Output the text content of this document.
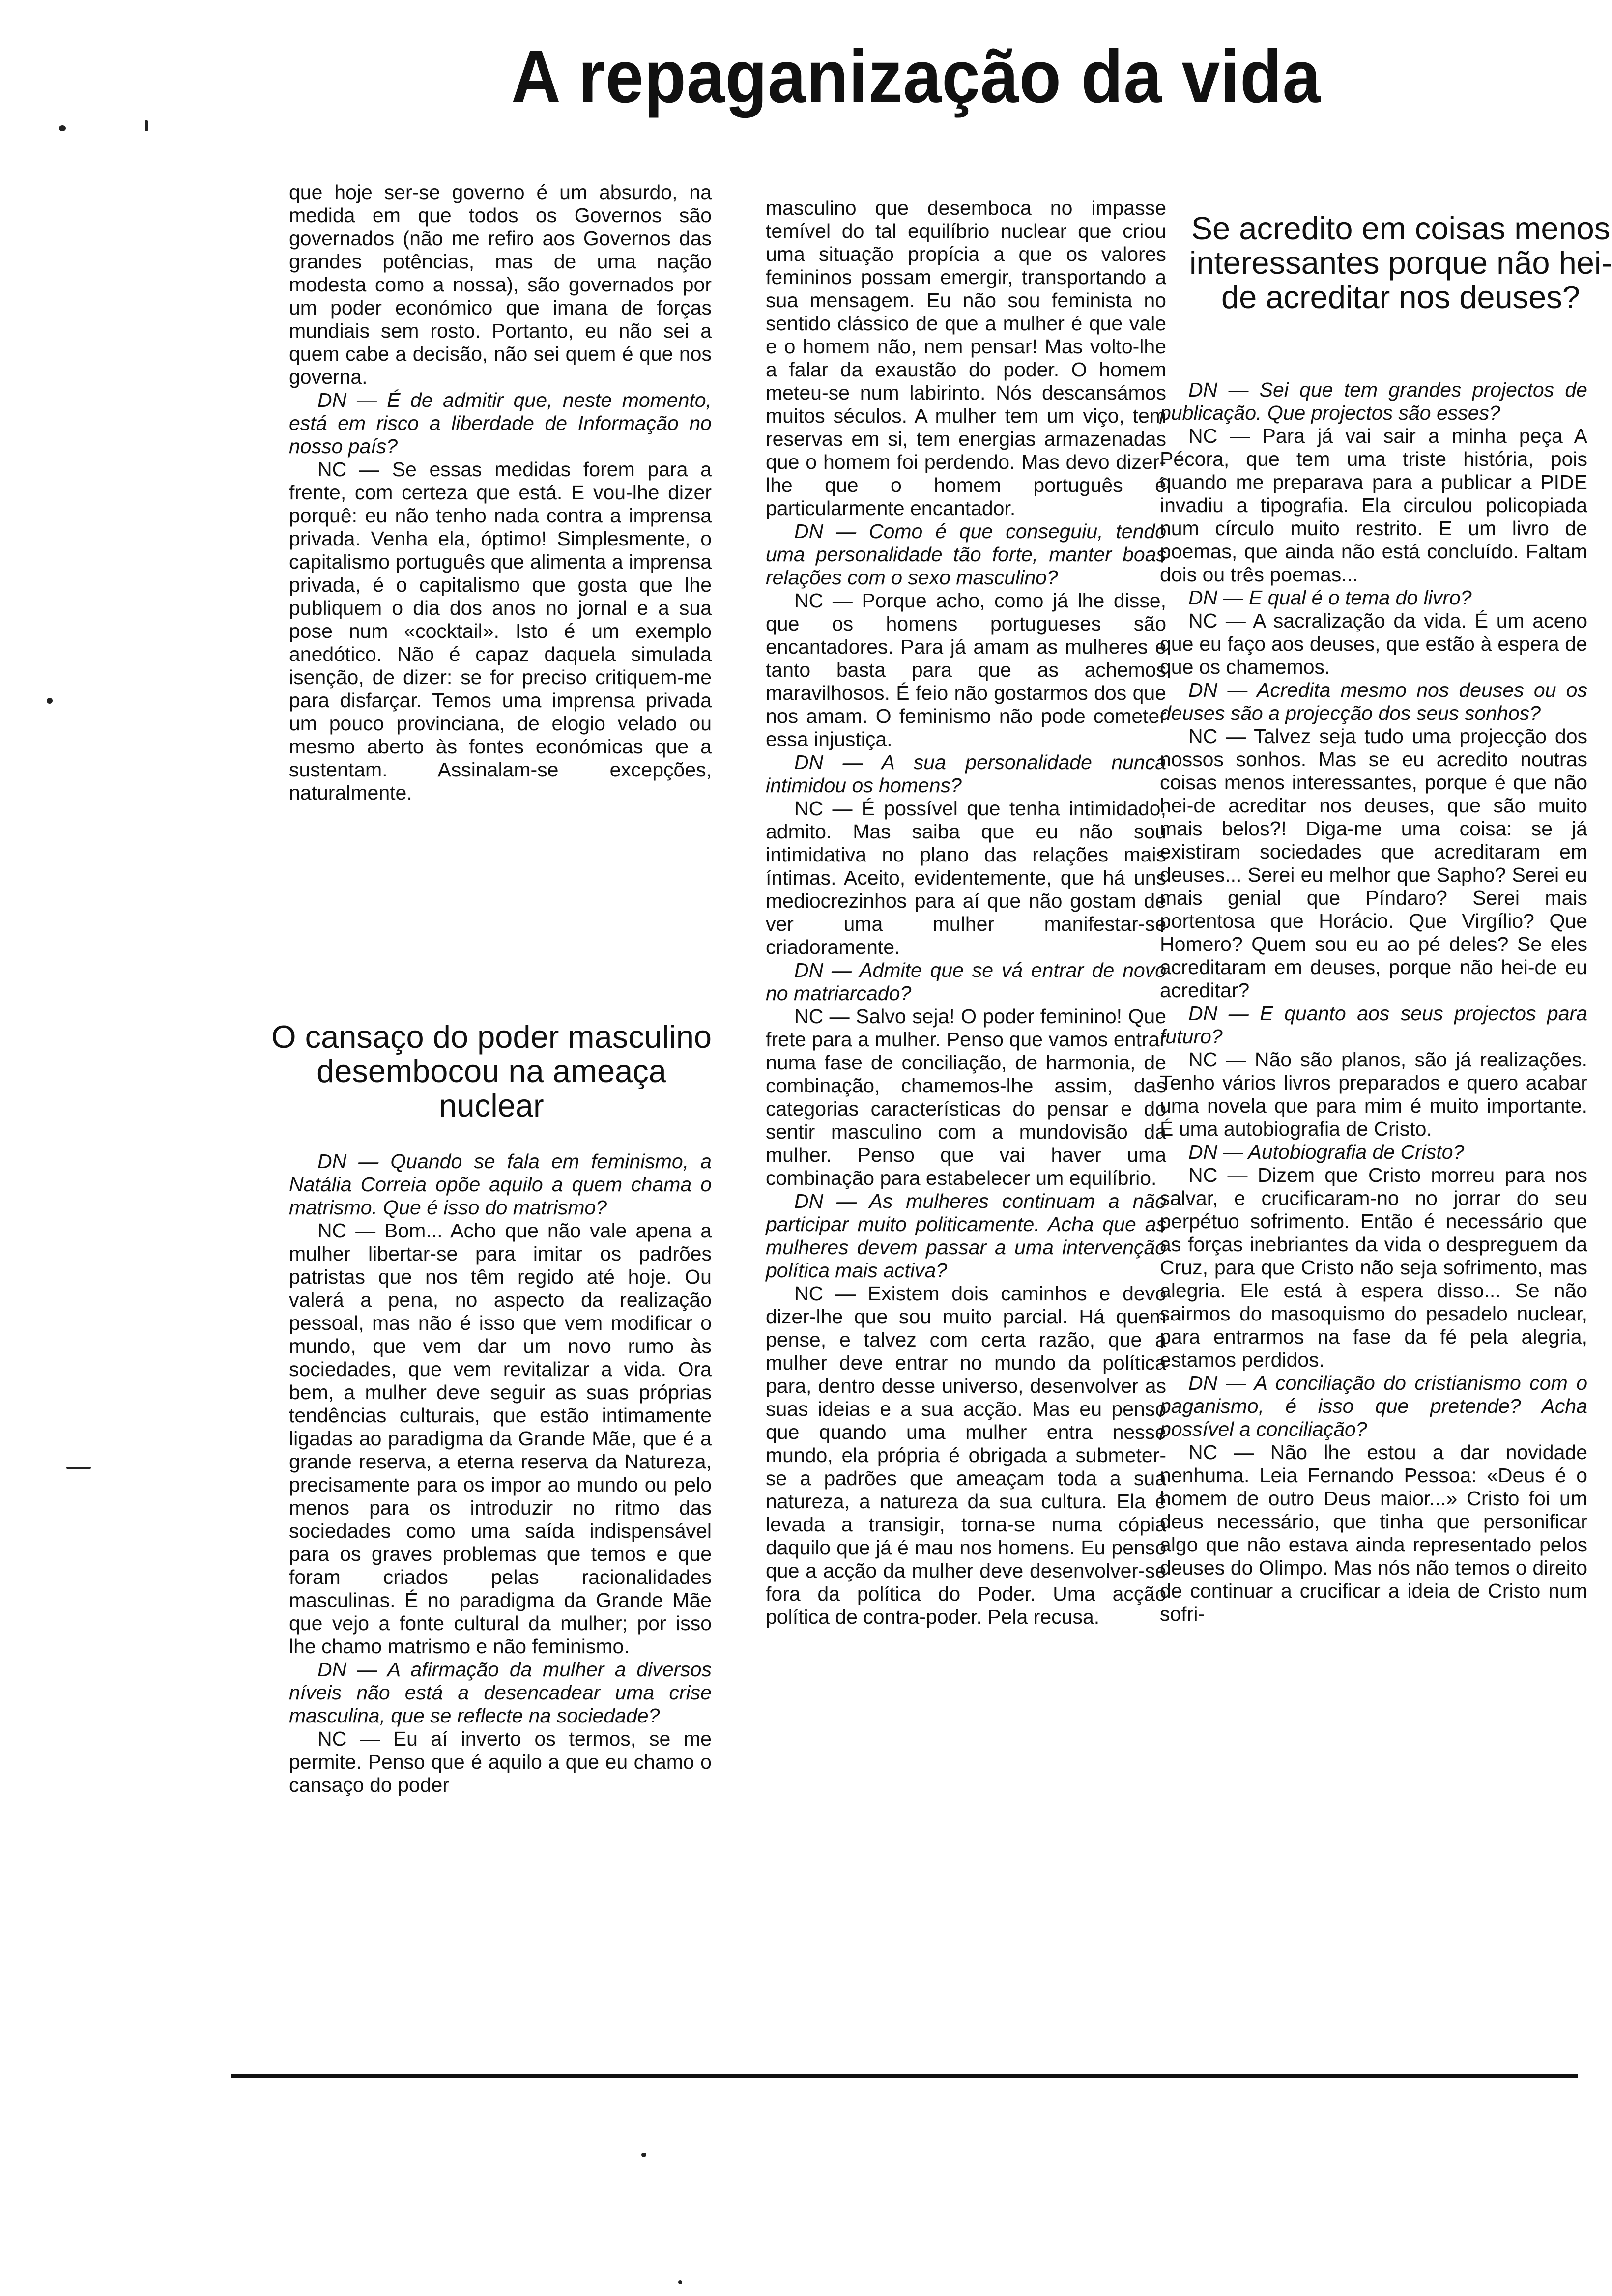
A repaganização da vida

que hoje ser-se governo é um absurdo, na medida em que todos os Governos são governados (não me refiro aos Governos das grandes potências, mas de uma nação modesta como a nossa), são governados por um poder económico que imana de forças mundiais sem rosto. Portanto, eu não sei a quem cabe a decisão, não sei quem é que nos governa.

DN — É de admitir que, neste momento, está em risco a liberdade de Informação no nosso país?

NC — Se essas medidas forem para a frente, com certeza que está. E vou-lhe dizer porquê: eu não tenho nada contra a imprensa privada. Venha ela, óptimo! Simplesmente, o capitalismo português que alimenta a imprensa privada, é o capitalismo que gosta que lhe publiquem o dia dos anos no jornal e a sua pose num «cocktail». Isto é um exemplo anedótico. Não é capaz daquela simulada isenção, de dizer: se for preciso critiquem-me para disfarçar. Temos uma imprensa privada um pouco provinciana, de elogio velado ou mesmo aberto às fontes económicas que a sustentam. Assinalam-se excepções, naturalmente.

O cansaço do poder masculino desembocou na ameaça nuclear

DN — Quando se fala em feminismo, a Natália Correia opõe aquilo a quem chama o matrismo. Que é isso do matrismo?

NC — Bom... Acho que não vale apena a mulher libertar-se para imitar os padrões patristas que nos têm regido até hoje. Ou valerá a pena, no aspecto da realização pessoal, mas não é isso que vem modificar o mundo, que vem dar um novo rumo às sociedades, que vem revitalizar a vida. Ora bem, a mulher deve seguir as suas próprias tendências culturais, que estão intimamente ligadas ao paradigma da Grande Mãe, que é a grande reserva, a eterna reserva da Natureza, precisamente para os impor ao mundo ou pelo menos para os introduzir no ritmo das sociedades como uma saída indispensável para os graves problemas que temos e que foram criados pelas racionalidades masculinas. É no paradigma da Grande Mãe que vejo a fonte cultural da mulher; por isso lhe chamo matrismo e não feminismo.

DN — A afirmação da mulher a diversos níveis não está a desencadear uma crise masculina, que se reflecte na sociedade?

NC — Eu aí inverto os termos, se me permite. Penso que é aquilo a que eu chamo o cansaço do poder

masculino que desemboca no impasse temível do tal equilíbrio nuclear que criou uma situação propícia a que os valores femininos possam emergir, transportando a sua mensagem. Eu não sou feminista no sentido clássico de que a mulher é que vale e o homem não, nem pensar! Mas volto-lhe a falar da exaustão do poder. O homem meteu-se num labirinto. Nós descansámos muitos séculos. A mulher tem um viço, tem reservas em si, tem energias armazenadas que o homem foi perdendo. Mas devo dizer-lhe que o homem português é particularmente encantador.

DN — Como é que conseguiu, tendo uma personalidade tão forte, manter boas relações com o sexo masculino?

NC — Porque acho, como já lhe disse, que os homens portugueses são encantadores. Para já amam as mulheres e tanto basta para que as achemos maravilhosos. É feio não gostarmos dos que nos amam. O feminismo não pode cometer essa injustiça.

DN — A sua personalidade nunca intimidou os homens?

NC — É possível que tenha intimidado, admito. Mas saiba que eu não sou intimidativa no plano das relações mais íntimas. Aceito, evidentemente, que há uns mediocrezinhos para aí que não gostam de ver uma mulher manifestar-se criadoramente.

DN — Admite que se vá entrar de novo no matriarcado?

NC — Salvo seja! O poder feminino! Que frete para a mulher. Penso que vamos entrar numa fase de conciliação, de harmonia, de combinação, chamemos-lhe assim, das categorias características do pensar e do sentir masculino com a mundovisão da mulher. Penso que vai haver uma combinação para estabelecer um equilíbrio.

DN — As mulheres continuam a não participar muito politicamente. Acha que as mulheres devem passar a uma intervenção política mais activa?

NC — Existem dois caminhos e devo dizer-lhe que sou muito parcial. Há quem pense, e talvez com certa razão, que a mulher deve entrar no mundo da política para, dentro desse universo, desenvolver as suas ideias e a sua acção. Mas eu penso que quando uma mulher entra nesse mundo, ela própria é obrigada a submeter-se a padrões que ameaçam toda a sua natureza, a natureza da sua cultura. Ela é levada a transigir, torna-se numa cópia daquilo que já é mau nos homens. Eu penso que a acção da mulher deve desenvolver-se fora da política do Poder. Uma acção política de contra-poder. Pela recusa.

Se acredito em coisas menos interessantes porque não hei-de acreditar nos deuses?

DN — Sei que tem grandes projectos de publicação. Que projectos são esses?

NC — Para já vai sair a minha peça A Pécora, que tem uma triste história, pois quando me preparava para a publicar a PIDE invadiu a tipografia. Ela circulou policopiada num círculo muito restrito. E um livro de poemas, que ainda não está concluído. Faltam dois ou três poemas...

DN — E qual é o tema do livro?

NC — A sacralização da vida. É um aceno que eu faço aos deuses, que estão à espera de que os chamemos.

DN — Acredita mesmo nos deuses ou os deuses são a projecção dos seus sonhos?

NC — Talvez seja tudo uma projecção dos nossos sonhos. Mas se eu acredito noutras coisas menos interessantes, porque é que não hei-de acreditar nos deuses, que são muito mais belos?! Diga-me uma coisa: se já existiram sociedades que acreditaram em deuses... Serei eu melhor que Sapho? Serei eu mais genial que Píndaro? Serei mais portentosa que Horácio. Que Virgílio? Que Homero? Quem sou eu ao pé deles? Se eles acreditaram em deuses, porque não hei-de eu acreditar?

DN — E quanto aos seus projectos para futuro?

NC — Não são planos, são já realizações. Tenho vários livros preparados e quero acabar uma novela que para mim é muito importante. É uma autobiografia de Cristo.

DN — Autobiografia de Cristo?

NC — Dizem que Cristo morreu para nos salvar, e crucificaram-no no jorrar do seu perpétuo sofrimento. Então é necessário que as forças inebriantes da vida o despreguem da Cruz, para que Cristo não seja sofrimento, mas alegria. Ele está à espera disso... Se não sairmos do masoquismo do pesadelo nuclear, para entrarmos na fase da fé pela alegria, estamos perdidos.

DN — A conciliação do cristianismo com o paganismo, é isso que pretende? Acha possível a conciliação?

NC — Não lhe estou a dar novidade nenhuma. Leia Fernando Pessoa: «Deus é o homem de outro Deus maior...» Cristo foi um deus necessário, que tinha que personificar algo que não estava ainda representado pelos deuses do Olimpo. Mas nós não temos o direito de continuar a crucificar a ideia de Cristo num sofri-
